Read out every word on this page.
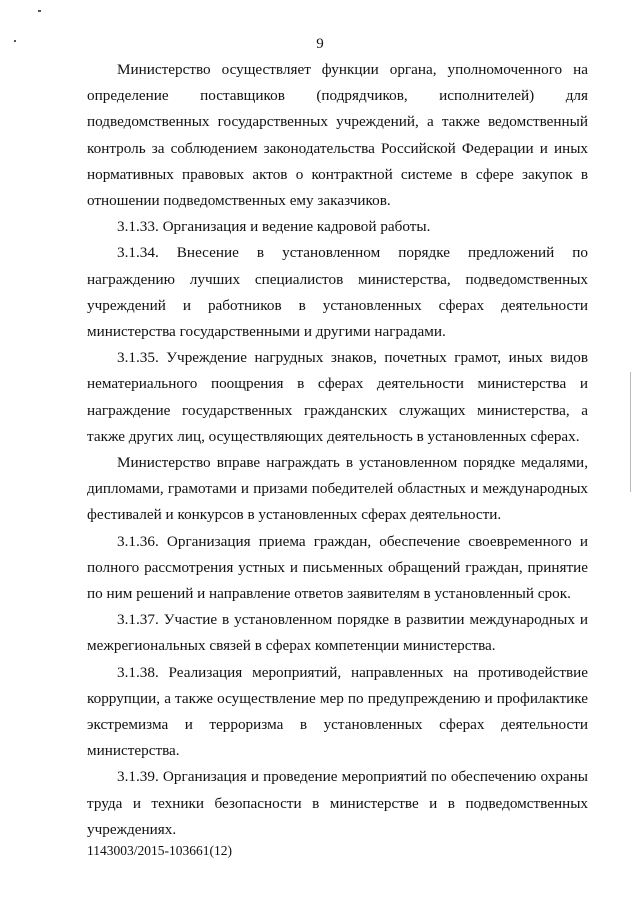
9

Министерство осуществляет функции органа, уполномоченного на определение поставщиков (подрядчиков, исполнителей) для подведомственных государственных учреждений, а также ведомственный контроль за соблюдением законодательства Российской Федерации и иных нормативных правовых актов о контрактной системе в сфере закупок в отношении подведомственных ему заказчиков.

3.1.33. Организация и ведение кадровой работы.

3.1.34. Внесение в установленном порядке предложений по награждению лучших специалистов министерства, подведомственных учреждений и работников в установленных сферах деятельности министерства государственными и другими наградами.

3.1.35. Учреждение нагрудных знаков, почетных грамот, иных видов нематериального поощрения в сферах деятельности министерства и награждение государственных гражданских служащих министерства, а также других лиц, осуществляющих деятельность в установленных сферах.

Министерство вправе награждать в установленном порядке медалями, дипломами, грамотами и призами победителей областных и международных фестивалей и конкурсов в установленных сферах деятельности.

3.1.36. Организация приема граждан, обеспечение своевременного и полного рассмотрения устных и письменных обращений граждан, принятие по ним решений и направление ответов заявителям в установленный срок.

3.1.37. Участие в установленном порядке в развитии международных и межрегиональных связей в сферах компетенции министерства.

3.1.38. Реализация мероприятий, направленных на противодействие коррупции, а также осуществление мер по предупреждению и профилактике экстремизма и терроризма в установленных сферах деятельности министерства.

3.1.39. Организация и проведение мероприятий по обеспечению охраны труда и техники безопасности в министерстве и в подведомственных учреждениях.

1143003/2015-103661(12)
